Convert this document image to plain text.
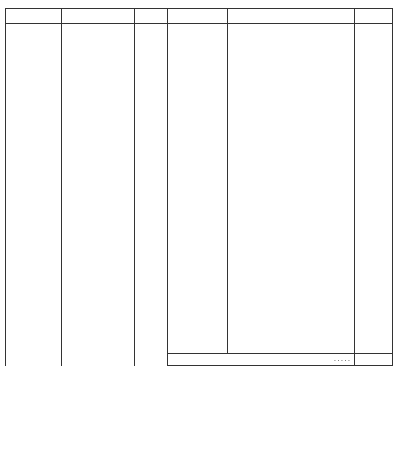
			. . . . .		
